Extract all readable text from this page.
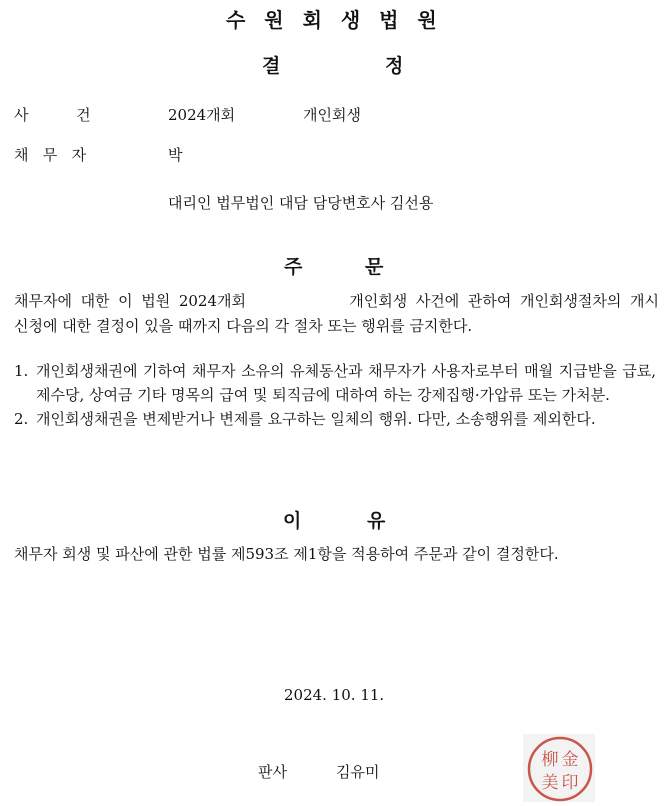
수 원 회 생 법 원
결	정
사          건	2024개회	개인회생
채   무   자	박
대리인 법무법인 대담 담당변호사 김선용
주	문
채무자에 대한 이 법원 2024개회            개인회생 사건에 관하여 개인회생절차의 개시
신청에 대한 결정이 있을 때까지 다음의 각 절차 또는 행위를 금지한다.
1. 개인회생채권에 기하여 채무자 소유의 유체동산과 채무자가 사용자로부터 매월 지급받을 급료, 제수당, 상여금 기타 명목의 급여 및 퇴직금에 대하여 하는 강제집행·가압류 또는 가처분.
2. 개인회생채권을 변제받거나 변제를 요구하는 일체의 행위. 다만, 소송행위를 제외한다.
이	유
채무자 회생 및 파산에 관한 법률 제593조 제1항을 적용하여 주문과 같이 결정한다.
2024. 10. 11.
판사	김유미
金
柳
美 印
